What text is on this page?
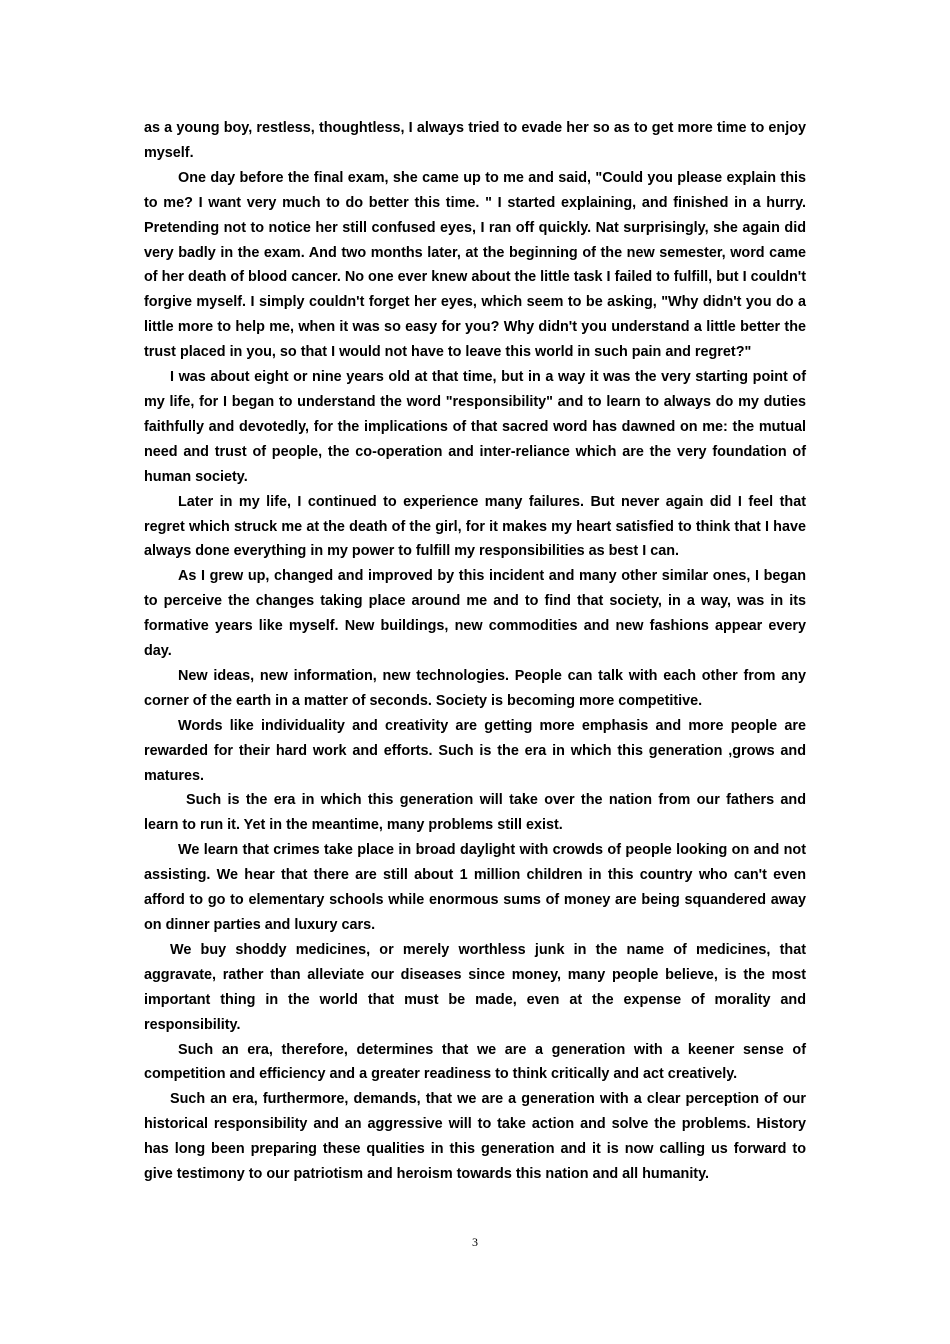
as a young boy, restless, thoughtless, I always tried to evade her so as to get more time to enjoy myself.

One day before the final exam, she came up to me and said, "Could you please explain this to me? I want very much to do better this time. " I started explaining, and finished in a hurry. Pretending not to notice her still confused eyes, I ran off quickly. Nat surprisingly, she again did very badly in the exam. And two months later, at the beginning of the new semester, word came of her death of blood cancer. No one ever knew about the little task I failed to fulfill, but I couldn't forgive myself. I simply couldn't forget her eyes, which seem to be asking, "Why didn't you do a little more to help me, when it was so easy for you? Why didn't you understand a little better the trust placed in you, so that I would not have to leave this world in such pain and regret?"

I was about eight or nine years old at that time, but in a way it was the very starting point of my life, for I began to understand the word "responsibility" and to learn to always do my duties faithfully and devotedly, for the implications of that sacred word has dawned on me: the mutual need and trust of people, the co-operation and inter-reliance which are the very foundation of human society.

Later in my life, I continued to experience many failures. But never again did I feel that regret which struck me at the death of the girl, for it makes my heart satisfied to think that I have always done everything in my power to fulfill my responsibilities as best I can.

As I grew up, changed and improved by this incident and many other similar ones, I began to perceive the changes taking place around me and to find that society, in a way, was in its formative years like myself. New buildings, new commodities and new fashions appear every day.

New ideas, new information, new technologies. People can talk with each other from any corner of the earth in a matter of seconds. Society is becoming more competitive.

Words like individuality and creativity are getting more emphasis and more people are rewarded for their hard work and efforts. Such is the era in which this generation ,grows and matures.

Such is the era in which this generation will take over the nation from our fathers and learn to run it. Yet in the meantime, many problems still exist.

We learn that crimes take place in broad daylight with crowds of people looking on and not assisting. We hear that there are still about 1 million children in this country who can't even afford to go to elementary schools while enormous sums of money are being squandered away on dinner parties and luxury cars.

We buy shoddy medicines, or merely worthless junk in the name of medicines, that aggravate, rather than alleviate our diseases since money, many people believe, is the most important thing in the world that must be made, even at the expense of morality and responsibility.

Such an era, therefore, determines that we are a generation with a keener sense of competition and efficiency and a greater readiness to think critically and act creatively.

Such an era, furthermore, demands, that we are a generation with a clear perception of our historical responsibility and an aggressive will to take action and solve the problems. History has long been preparing these qualities in this generation and it is now calling us forward to give testimony to our patriotism and heroism towards this nation and all humanity.

3
